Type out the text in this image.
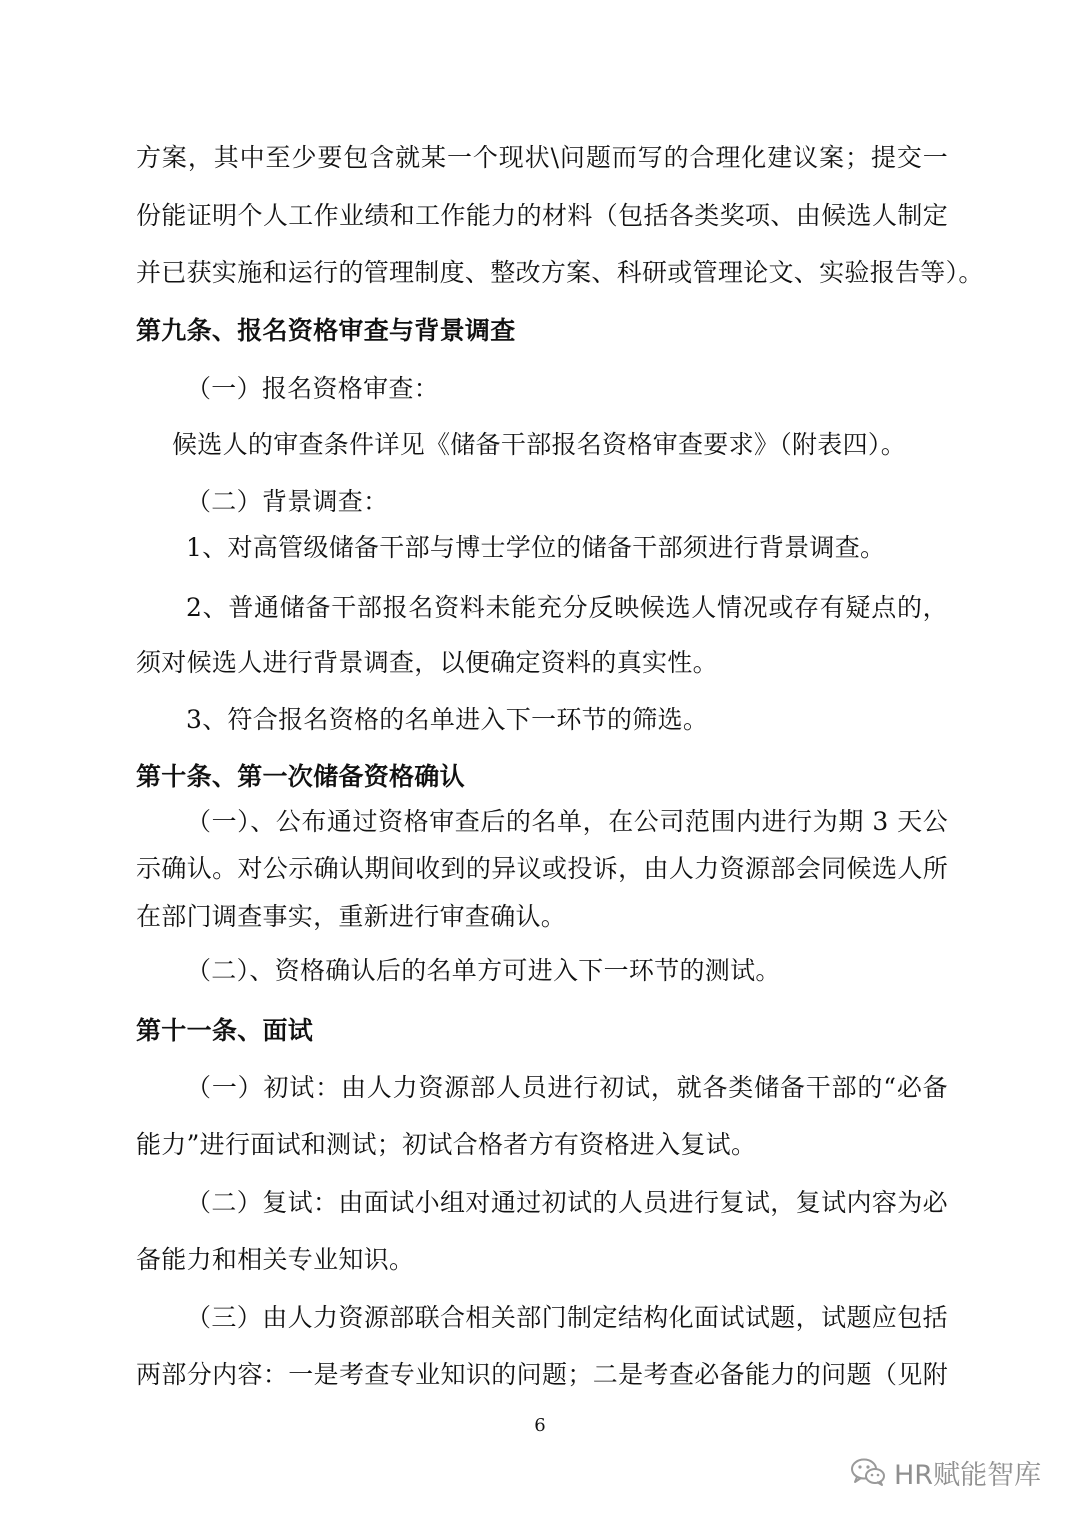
方案，其中至少要包含就某一个现状\问题而写的合理化建议案；提交一
份能证明个人工作业绩和工作能力的材料（包括各类奖项、由候选人制定
并已获实施和运行的管理制度、整改方案、科研或管理论文、实验报告等）。
第九条、报名资格审查与背景调查
（一）报名资格审查：
候选人的审查条件详见《储备干部报名资格审查要求》（附表四）。
（二）背景调查：
1、对高管级储备干部与博士学位的储备干部须进行背景调查。
2、普通储备干部报名资料未能充分反映候选人情况或存有疑点的，
须对候选人进行背景调查，以便确定资料的真实性。
3、符合报名资格的名单进入下一环节的筛选。
第十条、第一次储备资格确认
（一）、公布通过资格审查后的名单，在公司范围内进行为期 3 天公
示确认。对公示确认期间收到的异议或投诉，由人力资源部会同候选人所
在部门调查事实，重新进行审查确认。
（二）、资格确认后的名单方可进入下一环节的测试。
第十一条、面试
（一）初试：由人力资源部人员进行初试，就各类储备干部的“必备
能力”进行面试和测试；初试合格者方有资格进入复试。
（二）复试：由面试小组对通过初试的人员进行复试，复试内容为必
备能力和相关专业知识。
（三）由人力资源部联合相关部门制定结构化面试试题，试题应包括
两部分内容：一是考查专业知识的问题；二是考查必备能力的问题（见附
6
HR赋能智库
